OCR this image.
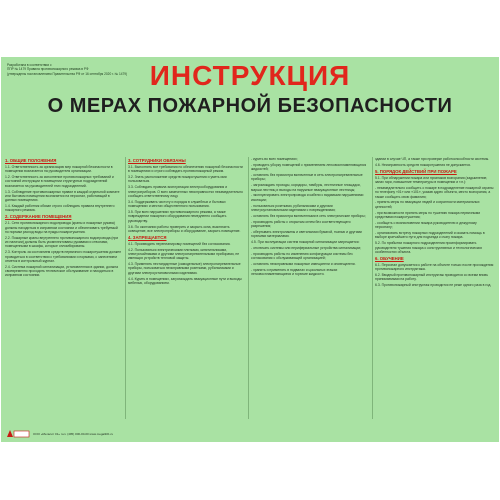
Разработана в соответствии с
ППР № 1479 Правила противопожарного режима в РФ
(утверждены постановлением Правительства РФ от 16 сентября 2020 г. № 1479) ИНСТРУКЦИЯ
О МЕРАХ ПОЖАРНОЙ БЕЗОПАСНОСТИ
1. ОБЩИЕ ПОЛОЖЕНИЯ

1.1. Ответственность за организацию мер пожарной безопасности в помещении возлагается на руководителя организации.

1.2. Ответственность за исполнение противопожарных требований и состояний инструкции в помещении структурных подразделений возлагается на руководителей этих подразделений.

1.3. Соблюдение противопожарных правил в каждой отдельной комнате или бытовом помещении возлагается на персонал, работающий в данных помещениях.

1.4. Каждый работник обязан строго соблюдать правила внутреннего пожарного режима.

2. СОДЕРЖАНИЕ ПОМЕЩЕНИЯ

2.1. Сети противопожарного водопровода (краны и пожарные рукава) должны находиться в исправном состоянии и обеспечивать требуемый по нормам расход воды на нужды пожаротушения.

2.2. Пожарные краны внутреннего противопожарного водопровода (при их наличии) должны быть укомплектованы рукавами и стволами, помещенными в шкафы, которые опломбированы.

2.3. Контроль за состоянием средств первичного пожаротушения должен проводиться в соответствии с требованиями и нормами, с занесением отметок в контрольный журнал.

2.4. Система пожарной сигнализации, установленная в здании, должна своевременно проходить техническое обслуживание и находиться в исправном состоянии.

3. СОТРУДНИКИ ОБЯЗАНЫ

3.1. Выполнять все требования по обеспечению пожарной безопасности в помещениях и строго соблюдать противопожарный режим.

3.2. Знать расположение средств пожаротушения и уметь ими пользоваться.

3.3. Соблюдать правила эксплуатации электрооборудования и электроприборов. О всех замеченных неисправностях незамедлительно сообщать ответственному лицу.

3.4. Поддерживать чистоту и порядок в служебных и бытовых помещениях и местах общественного пользования.

3.5. При всех нарушениях противопожарного режима, а также повреждении пожарного оборудования немедленно сообщать руководству.

3.6. По окончании работы проверить и закрыть окна, выключить освещение, все электроприборы и оборудование, закрыть помещение.

4. ЗАПРЕЩАЕТСЯ

4.1. Производить перепланировку помещений без согласования.

4.2. Пользоваться электрическими плитками, кипятильниками, электрочайниками и другими электронагревательными приборами, не имеющих устройств тепловой защиты.

4.3. Применять нестандартные (самодельные) электронагревательные приборы, пользоваться неисправными розетками, рубильниками и другими электроустановочными изделиями.

4.4. Курить в помещениях, загромождать эвакуационные пути и выходы мебелью, оборудованием.

- курить во всех помещениях;

- проводить уборку помещений с применением легковоспламеняющихся жидкостей;

- оставлять без присмотра включенные в сеть электронагревательные приборы;

- загромождать проходы, коридоры, тамбуры, лестничные площадки, марши лестниц и выходы на наружные эвакуационные лестницы;

- эксплуатировать электропровода и кабели с видимыми нарушениями изоляции;

- пользоваться розетками, рубильниками и другими электроустановочными изделиями с повреждениями;

- оставлять без присмотра включенными в сеть электрические приборы;

- производить работы с открытым огнем без соответствующего разрешения;

- обертывать электролампы и светильники бумагой, тканью и другими горючими материалами.

4.5. При эксплуатации систем пожарной сигнализации запрещается:

- отключать системы или перифериальные устройства сигнализации;

- производить работы по изменению конфигурации системы без согласования с обслуживающей организацией;

- оставлять неисправными пожарные извещатели и оповещатели.

- хранить и применять в подвалах и цокольных этажах легковоспламеняющиеся и горючие жидкости.

здании в случае ЧП, а также при проверке работоспособности системы.

4.6. Неисправность средств пожаротушения не допускается.

5. ПОРЯДОК ДЕЙСТВИЙ ПРИ ПОЖАРЕ

5.1. При обнаружении пожара или признаков возгорания (задымление, запах гари, повышение температуры в помещении и т.п.):

- незамедлительно сообщить о пожаре в подразделение пожарной охраны по телефону «01» или «101», указав адрес объекта, место возгорания, а также сообщить свою фамилию;

- принять меры по эвакуации людей и сохранности материальных ценностей;

- при возможности принять меры по тушению пожара первичными средствами пожаротушения;

- сообщить о возникновении пожара руководителю и дежурному персоналу;

- организовать встречу пожарных подразделений и оказать помощь в выборе кратчайшего пути для подъезда к очагу пожара.

5.2. По прибытии пожарного подразделения проинформировать руководителя тушения пожара о конструктивных и технологических особенностях объекта.

6. ОБУЧЕНИЕ

6.1. Персонал допускается к работе на объекте только после прохождения противопожарного инструктажа.

6.2. Вводный противопожарный инструктаж проводится со всеми вновь принимаемыми на работу.

6.3. Противопожарный инструктаж проводится не реже одного раза в год.

ООО «Мегалит 01» тел. (495) 000-00-00 www.megalit01.ru
